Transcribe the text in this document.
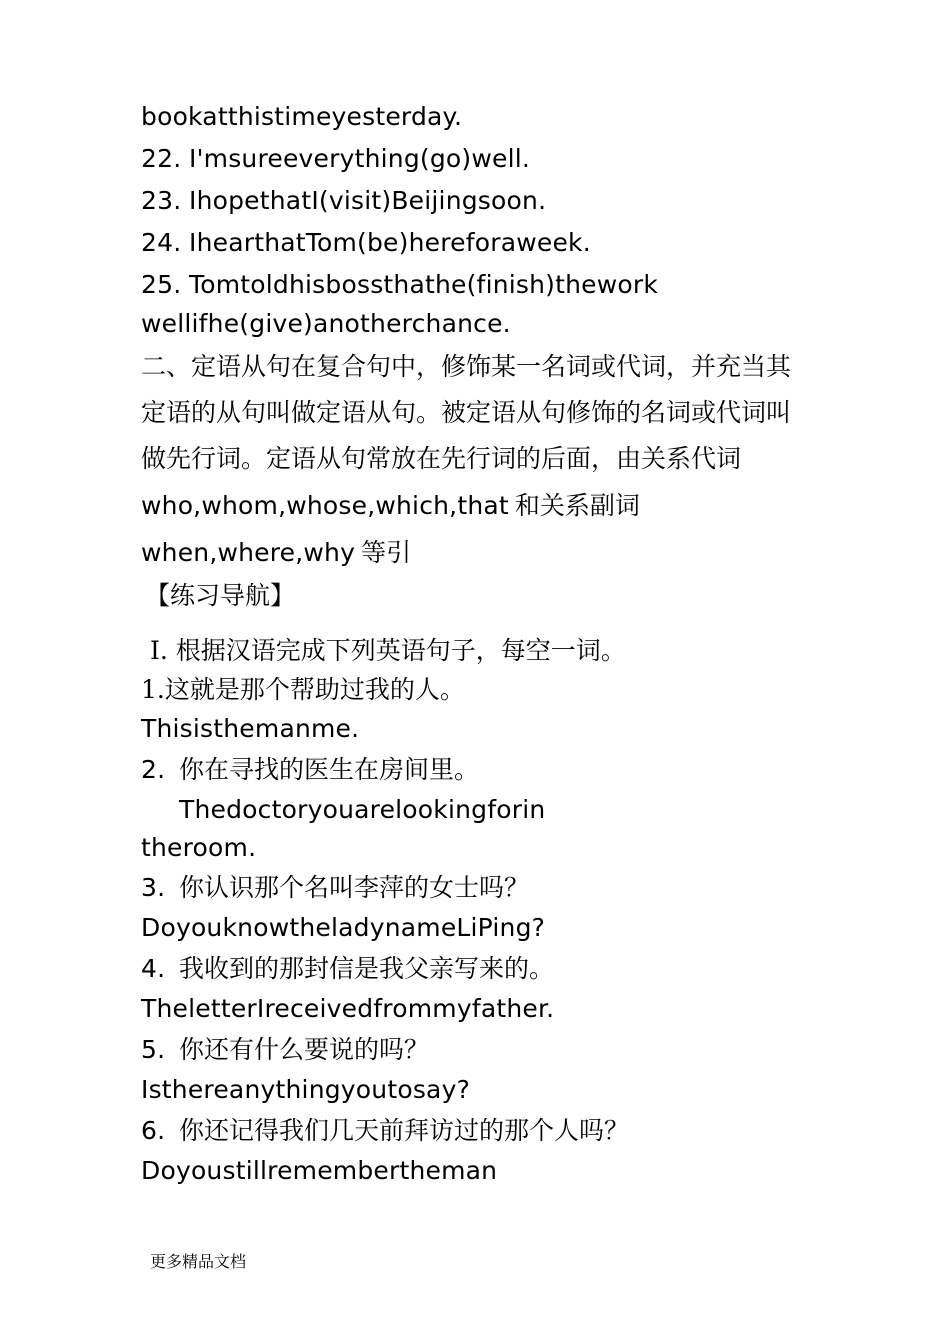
bookatthistimeyesterday.
22. I'msureeverything(go)well.
23. IhopethatI(visit)Beijingsoon.
24. IhearthatTom(be)hereforaweek.
25. Tomtoldhisbossthathe(finish)thework
wellifhe(give)anotherchance.
二、定语从句在复合句中，修饰某一名词或代词，并充当其
定语的从句叫做定语从句。被定语从句修饰的名词或代词叫
做先行词。定语从句常放在先行词的后面，由关系代词
who,whom,whose,which,that 和关系副词
when,where,why 等引
【练习导航】
I. 根据汉语完成下列英语句子，每空一词。
1.这就是那个帮助过我的人。
Thisisthemanme.
2. 你在寻找的医生在房间里。
Thedoctoryouarelookingforin
theroom.
3. 你认识那个名叫李萍的女士吗？
DoyouknowtheladynameLiPing?
4. 我收到的那封信是我父亲写来的。
TheletterIreceivedfrommyfather.
5. 你还有什么要说的吗？
Isthereanythingyoutosay?
6. 你还记得我们几天前拜访过的那个人吗？
Doyoustillremembertheman
更多精品文档
